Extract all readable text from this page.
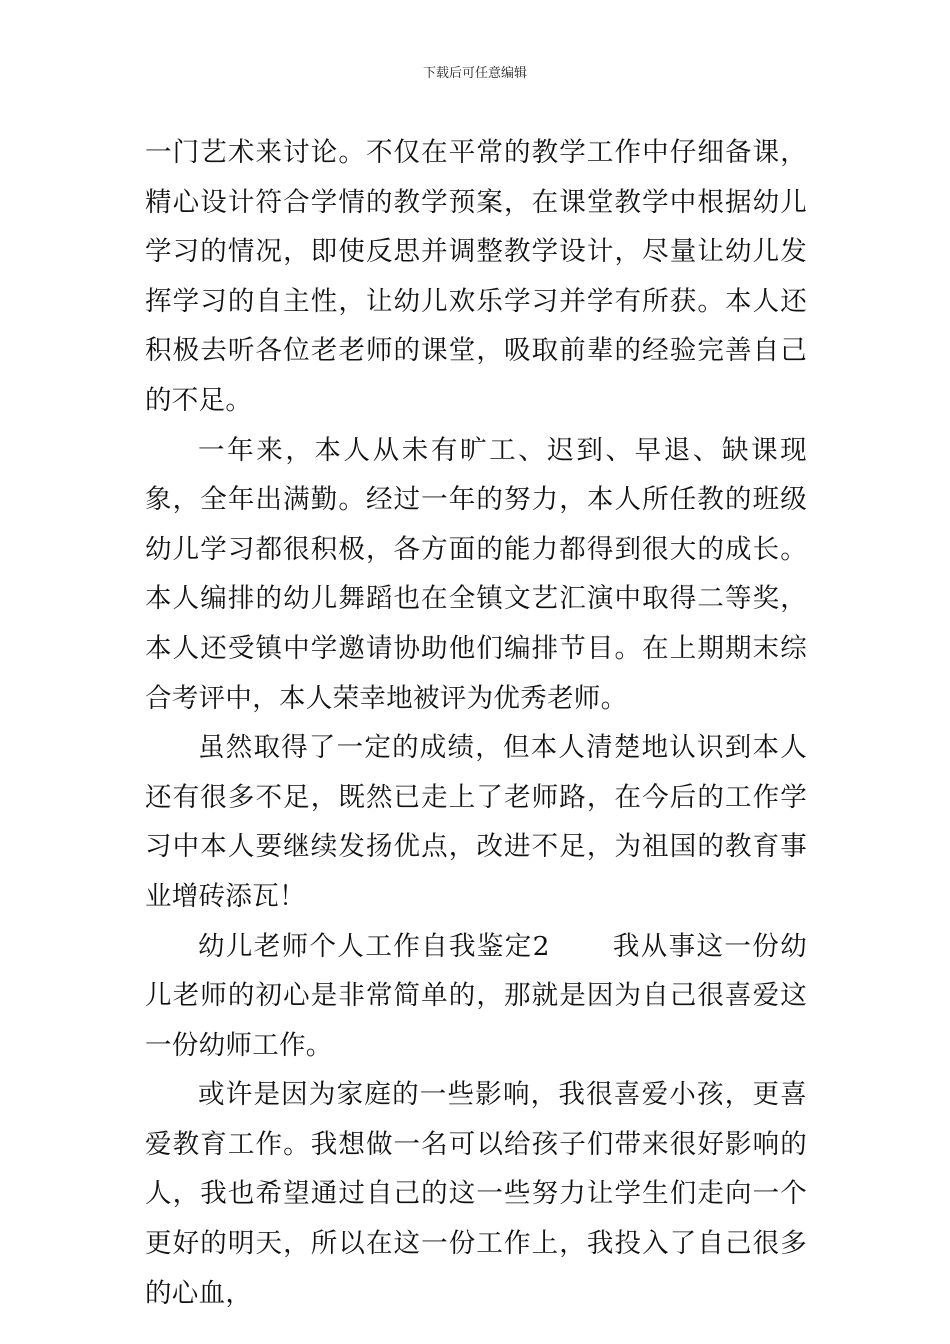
下载后可任意编辑

一门艺术来讨论。不仅在平常的教学工作中仔细备课，精心设计符合学情的教学预案，在课堂教学中根据幼儿学习的情况，即使反思并调整教学设计，尽量让幼儿发挥学习的自主性，让幼儿欢乐学习并学有所获。本人还积极去听各位老老师的课堂，吸取前辈的经验完善自己的不足。

一年来，本人从未有旷工、迟到、早退、缺课现象，全年出满勤。经过一年的努力，本人所任教的班级幼儿学习都很积极，各方面的能力都得到很大的成长。本人编排的幼儿舞蹈也在全镇文艺汇演中取得二等奖，本人还受镇中学邀请协助他们编排节目。在上期期末综合考评中，本人荣幸地被评为优秀老师。

虽然取得了一定的成绩，但本人清楚地认识到本人还有很多不足，既然已走上了老师路，在今后的工作学习中本人要继续发扬优点，改进不足，为祖国的教育事业增砖添瓦！

幼儿老师个人工作自我鉴定2 我从事这一份幼儿老师的初心是非常简单的，那就是因为自己很喜爱这一份幼师工作。

或许是因为家庭的一些影响，我很喜爱小孩，更喜爱教育工作。我想做一名可以给孩子们带来很好影响的人，我也希望通过自己的这一些努力让学生们走向一个更好的明天，所以在这一份工作上，我投入了自己很多的心血，
